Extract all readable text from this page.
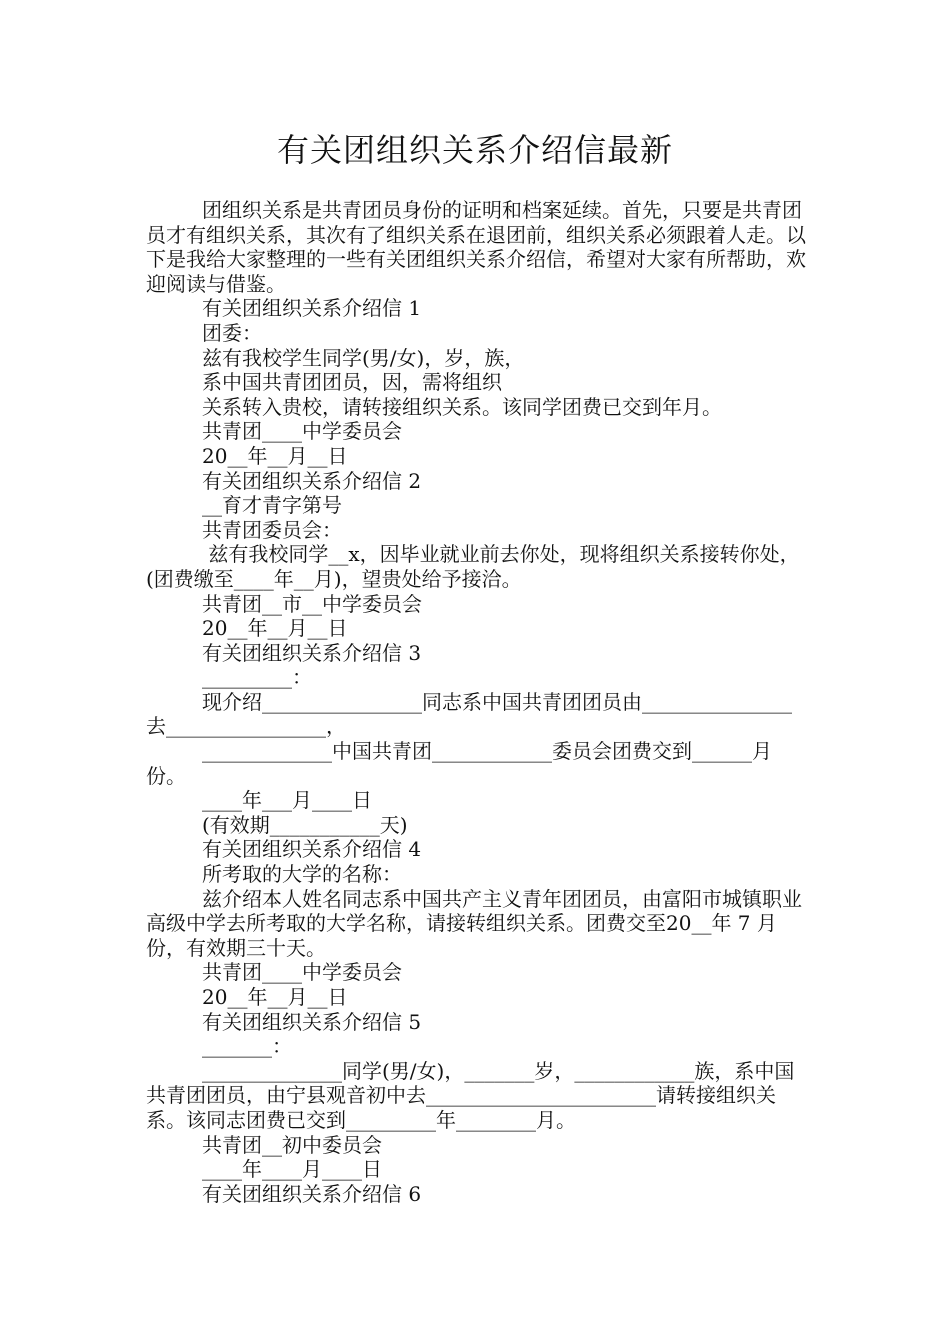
有关团组织关系介绍信最新

团组织关系是共青团员身份的证明和档案延续。首先，只要是共青团员才有组织关系，其次有了组织关系在退团前，组织关系必须跟着人走。以下是我给大家整理的一些有关团组织关系介绍信，希望对大家有所帮助，欢迎阅读与借鉴。

有关团组织关系介绍信 1

团委：

兹有我校学生同学(男/女)，岁，族，

系中国共青团团员，因，需将组织

关系转入贵校，请转接组织关系。该同学团费已交到年月。

共青团____中学委员会

20__年__月__日

有关团组织关系介绍信 2

__育才青字第号

共青团委员会：

兹有我校同学__x，因毕业就业前去你处，现将组织关系接转你处，(团费缴至____年__月)，望贵处给予接洽。

共青团__市__中学委员会

20__年__月__日

有关团组织关系介绍信 3

_________：

现介绍________________同志系中国共青团团员由_______________去________________，

_____________中国共青团____________委员会团费交到______月份。

____年___月____日

(有效期___________天)

有关团组织关系介绍信 4

所考取的大学的名称：

兹介绍本人姓名同志系中国共产主义青年团团员，由富阳市城镇职业高级中学去所考取的大学名称，请接转组织关系。团费交至20__年 7 月份，有效期三十天。

共青团____中学委员会

20__年__月__日

有关团组织关系介绍信 5

_______：

______________同学(男/女)，_______岁，____________族，系中国共青团团员，由宁县观音初中去_______________________请转接组织关系。该同志团费已交到_________年________月。

共青团__初中委员会

____年____月____日

有关团组织关系介绍信 6
